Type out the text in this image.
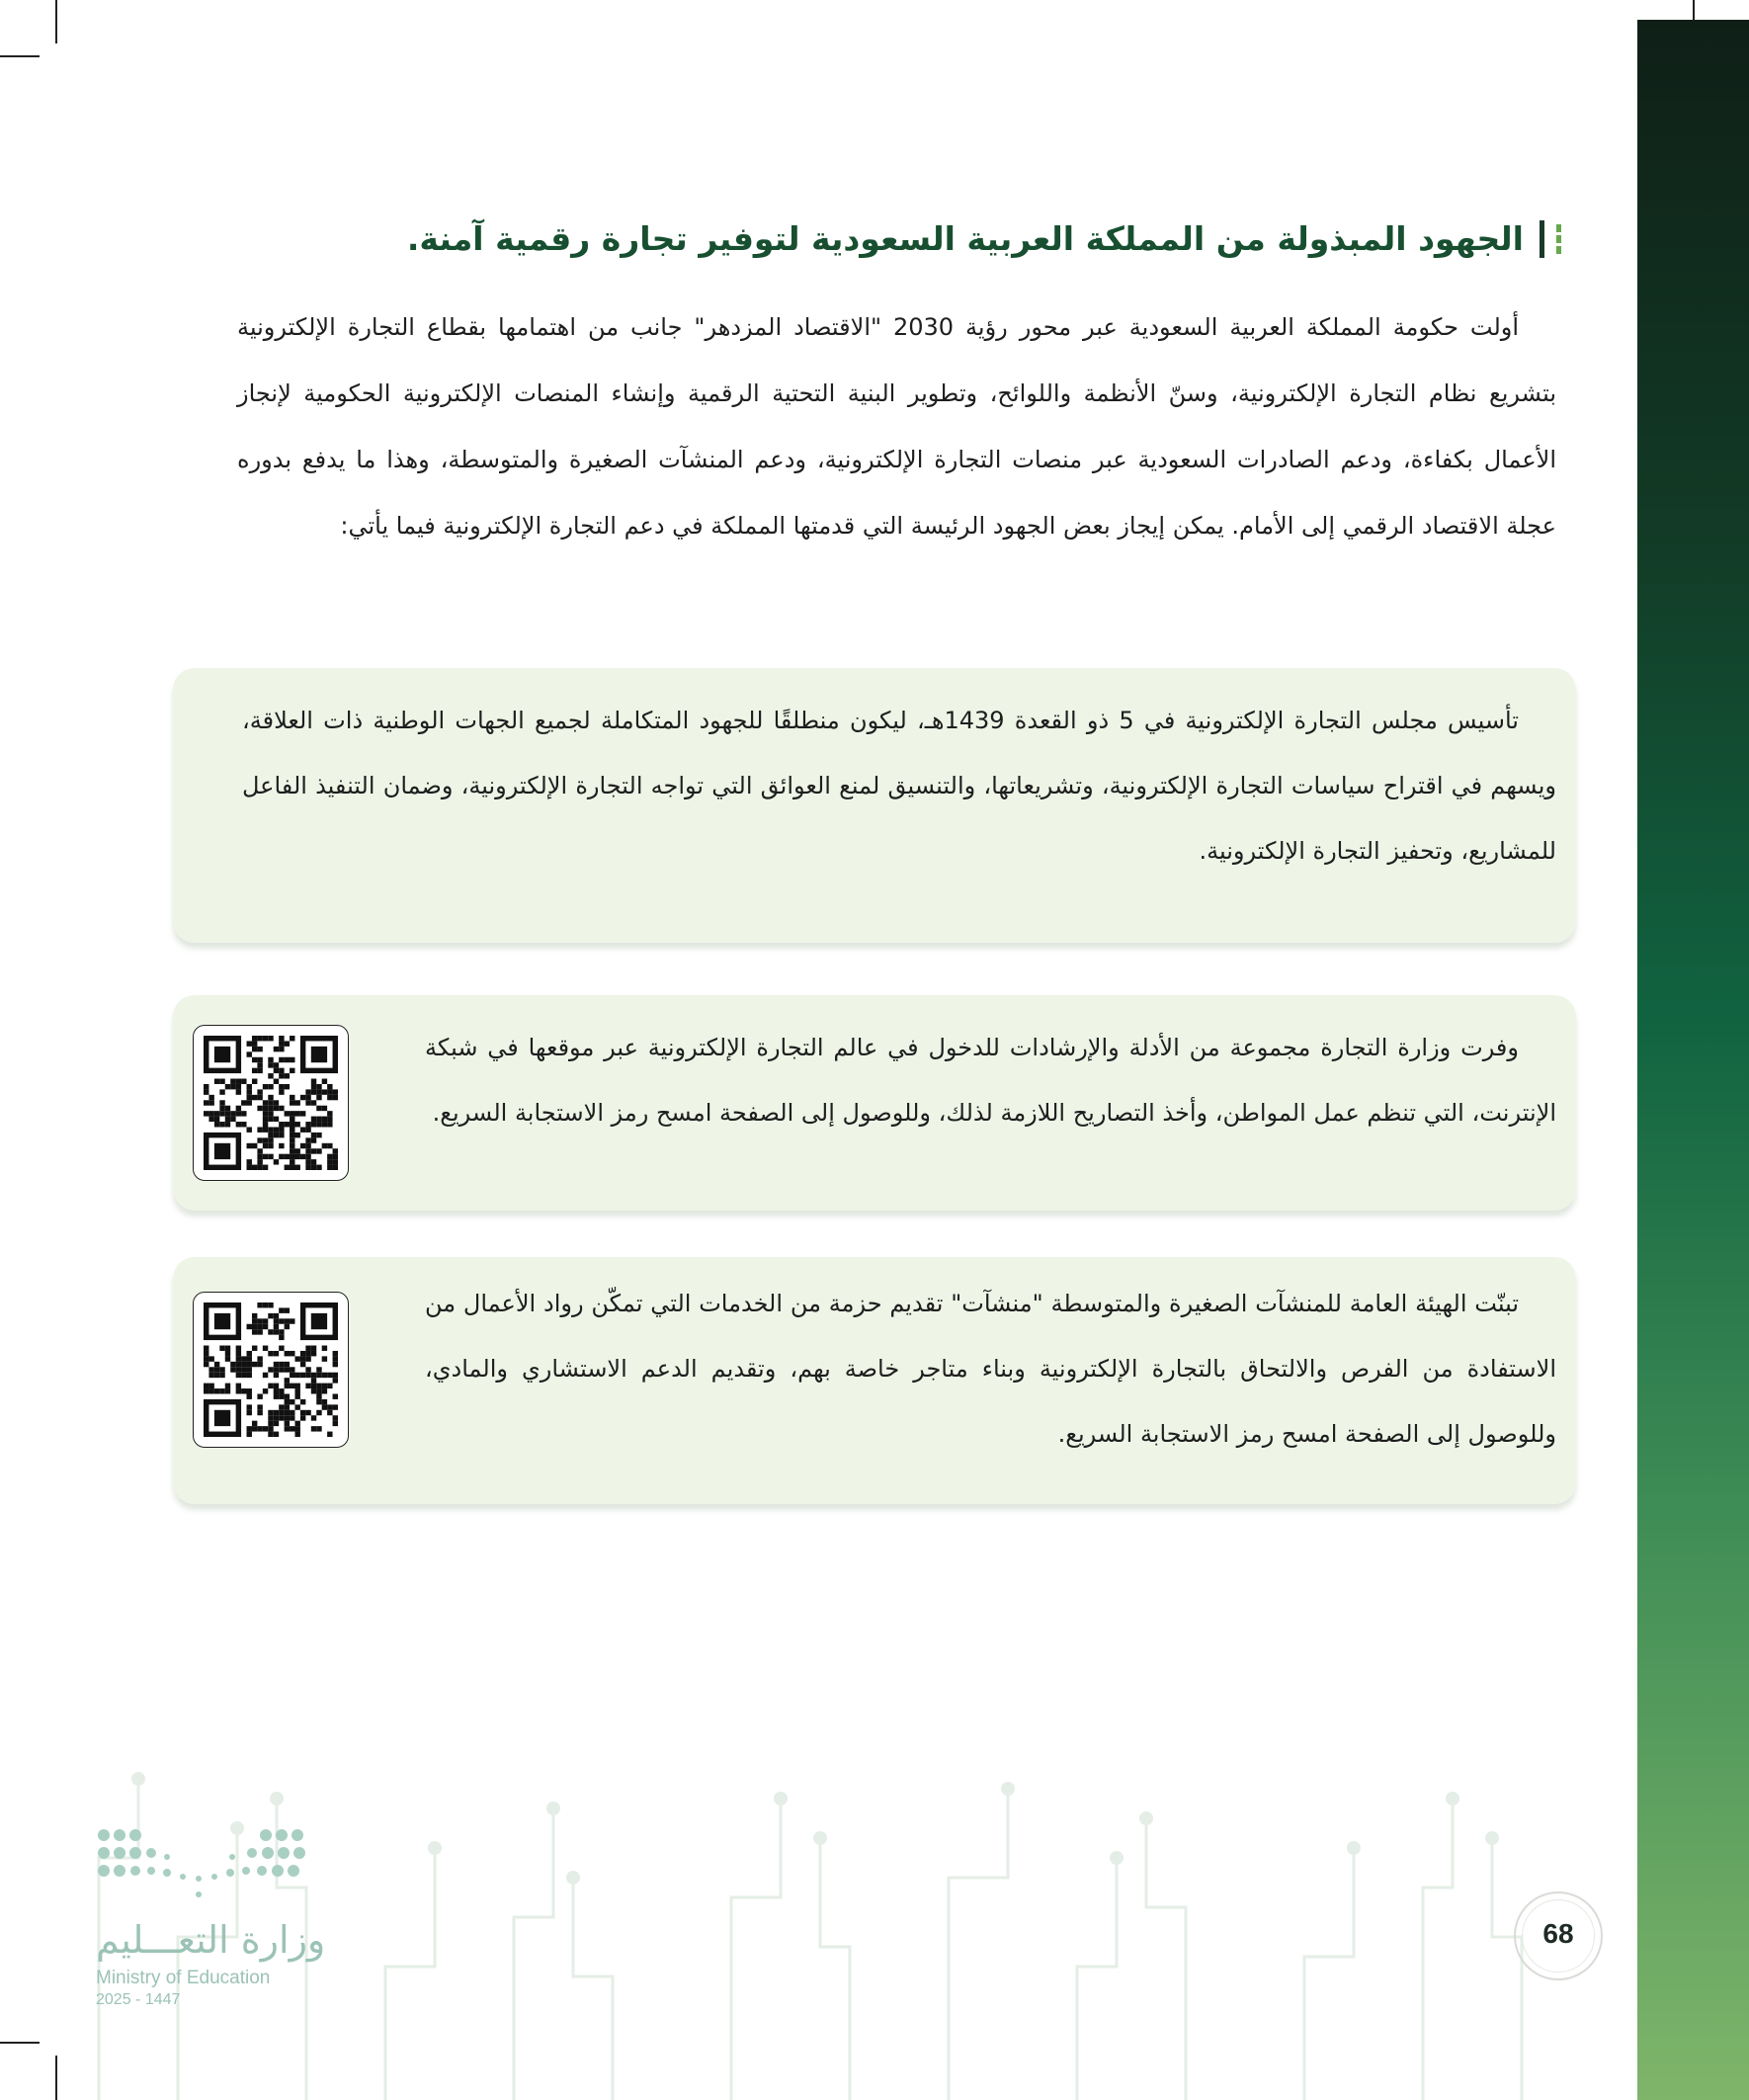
الجهود المبذولة من المملكة العربية السعودية لتوفير تجارة رقمية آمنة.

أولت حكومة المملكة العربية السعودية عبر محور رؤية 2030 "الاقتصاد المزدهر" جانب من اهتمامها بقطاع التجارة الإلكترونية بتشريع نظام التجارة الإلكترونية، وسنّ الأنظمة واللوائح، وتطوير البنية التحتية الرقمية وإنشاء المنصات الإلكترونية الحكومية لإنجاز الأعمال بكفاءة، ودعم الصادرات السعودية عبر منصات التجارة الإلكترونية، ودعم المنشآت الصغيرة والمتوسطة، وهذا ما يدفع بدوره عجلة الاقتصاد الرقمي إلى الأمام. يمكن إيجاز بعض الجهود الرئيسة التي قدمتها المملكة في دعم التجارة الإلكترونية فيما يأتي:

تأسيس مجلس التجارة الإلكترونية في 5 ذو القعدة 1439هـ، ليكون منطلقًا للجهود المتكاملة لجميع الجهات الوطنية ذات العلاقة، ويسهم في اقتراح سياسات التجارة الإلكترونية، وتشريعاتها، والتنسيق لمنع العوائق التي تواجه التجارة الإلكترونية، وضمان التنفيذ الفاعل للمشاريع، وتحفيز التجارة الإلكترونية.

وفرت وزارة التجارة مجموعة من الأدلة والإرشادات للدخول في عالم التجارة الإلكترونية عبر موقعها في شبكة الإنترنت، التي تنظم عمل المواطن، وأخذ التصاريح اللازمة لذلك، وللوصول إلى الصفحة امسح رمز الاستجابة السريع.

تبنّت الهيئة العامة للمنشآت الصغيرة والمتوسطة "منشآت" تقديم حزمة من الخدمات التي تمكّن رواد الأعمال من الاستفادة من الفرص والالتحاق بالتجارة الإلكترونية وبناء متاجر خاصة بهم، وتقديم الدعم الاستشاري والمادي، وللوصول إلى الصفحة امسح رمز الاستجابة السريع.

وزارة التعـــليم
Ministry of Education
2025 - 1447
68
